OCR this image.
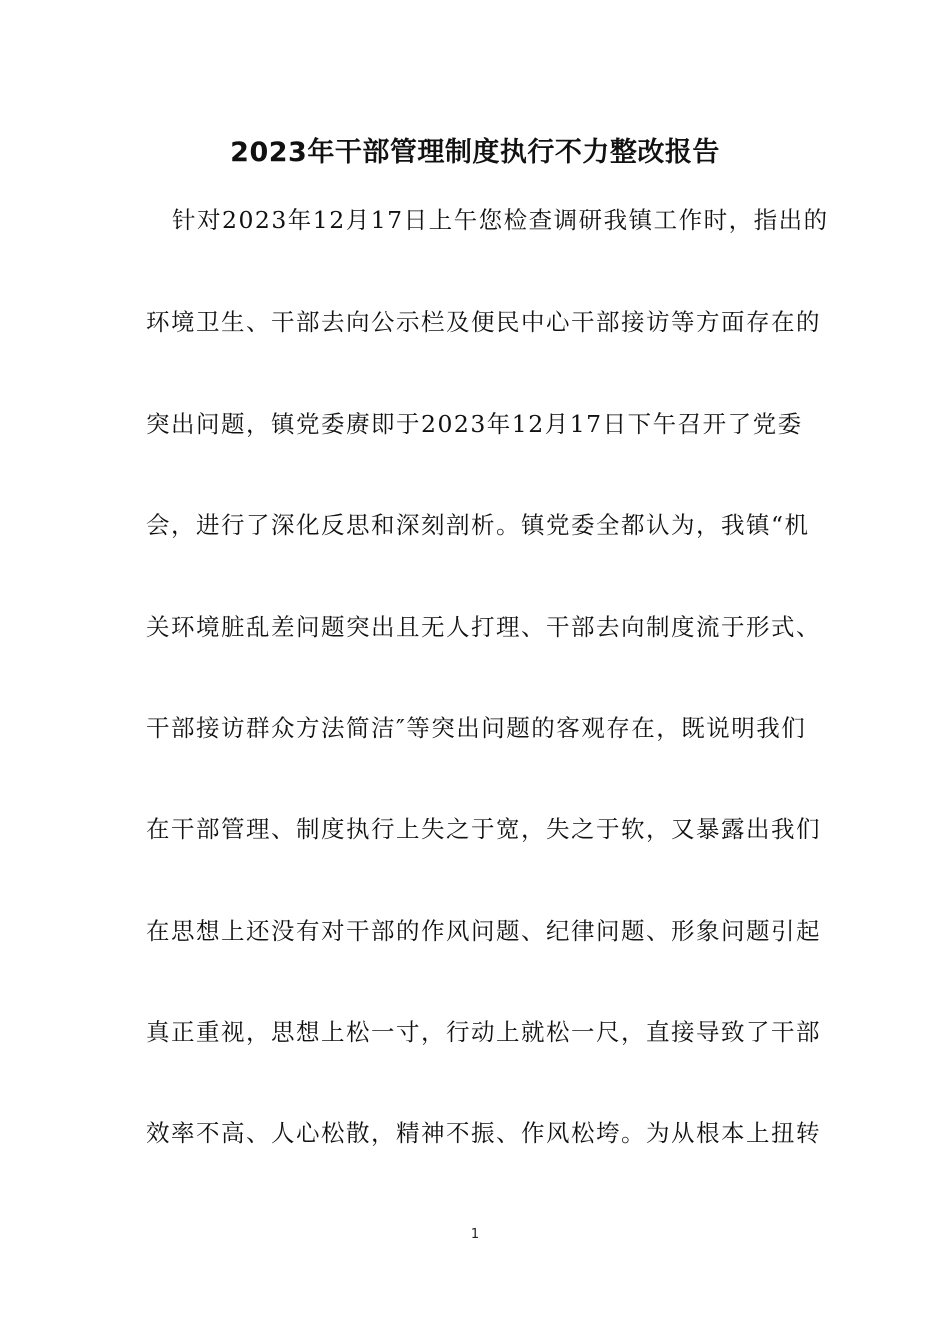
2023年干部管理制度执行不力整改报告
针对2023年12月17日上午您检查调研我镇工作时，指出的
环境卫生、干部去向公示栏及便民中心干部接访等方面存在的
突出问题，镇党委赓即于2023年12月17日下午召开了党委
会，进行了深化反思和深刻剖析。镇党委全都认为，我镇“机
关环境脏乱差问题突出且无人打理、干部去向制度流于形式、
干部接访群众方法简洁″等突出问题的客观存在，既说明我们
在干部管理、制度执行上失之于宽，失之于软，又暴露出我们
在思想上还没有对干部的作风问题、纪律问题、形象问题引起
真正重视，思想上松一寸，行动上就松一尺，直接导致了干部
效率不高、人心松散，精神不振、作风松垮。为从根本上扭转
1
